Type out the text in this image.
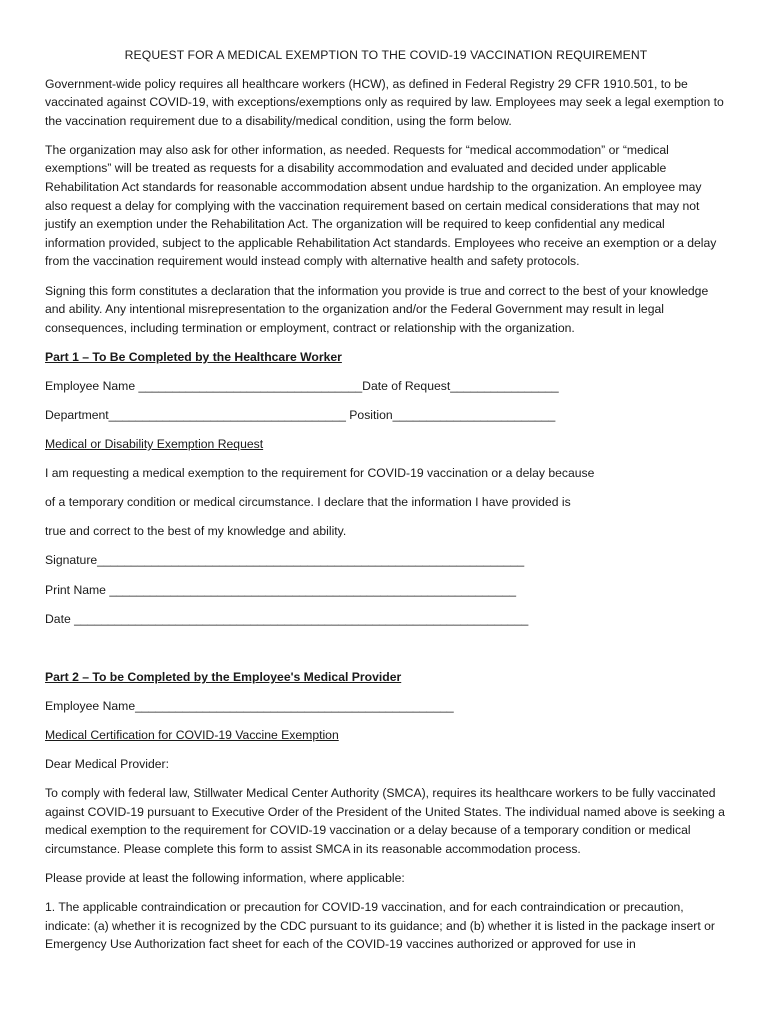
REQUEST FOR A MEDICAL EXEMPTION TO THE COVID-19 VACCINATION REQUIREMENT

Government-wide policy requires all healthcare workers (HCW), as defined in Federal Registry 29 CFR 1910.501, to be vaccinated against COVID-19, with exceptions/exemptions only as required by law. Employees may seek a legal exemption to the vaccination requirement due to a disability/medical condition, using the form below.

The organization may also ask for other information, as needed. Requests for “medical accommodation” or “medical exemptions” will be treated as requests for a disability accommodation and evaluated and decided under applicable Rehabilitation Act standards for reasonable accommodation absent undue hardship to the organization. An employee may also request a delay for complying with the vaccination requirement based on certain medical considerations that may not justify an exemption under the Rehabilitation Act. The organization will be required to keep confidential any medical information provided, subject to the applicable Rehabilitation Act standards. Employees who receive an exemption or a delay from the vaccination requirement would instead comply with alternative health and safety protocols.

Signing this form constitutes a declaration that the information you provide is true and correct to the best of your knowledge and ability. Any intentional misrepresentation to the organization and/or the Federal Government may result in legal consequences, including termination or employment, contract or relationship with the organization.

Part 1 – To Be Completed by the Healthcare Worker
Employee Name _________________________________Date of Request________________
Department___________________________________ Position________________________
Medical or Disability Exemption Request
I am requesting a medical exemption to the requirement for COVID-19 vaccination or a delay because
of a temporary condition or medical circumstance. I declare that the information I have provided is
true and correct to the best of my knowledge and ability.
Signature_______________________________________________________________
Print Name ____________________________________________________________
Date ___________________________________________________________________
Part 2 – To be Completed by the Employee's Medical Provider
Employee Name_______________________________________________
Medical Certification for COVID-19 Vaccine Exemption

Dear Medical Provider:

To comply with federal law, Stillwater Medical Center Authority (SMCA), requires its healthcare workers to be fully vaccinated against COVID-19 pursuant to Executive Order of the President of the United States. The individual named above is seeking a medical exemption to the requirement for COVID-19 vaccination or a delay because of a temporary condition or medical circumstance. Please complete this form to assist SMCA in its reasonable accommodation process.

Please provide at least the following information, where applicable:

1. The applicable contraindication or precaution for COVID-19 vaccination, and for each contraindication or precaution, indicate: (a) whether it is recognized by the CDC pursuant to its guidance; and (b) whether it is listed in the package insert or Emergency Use Authorization fact sheet for each of the COVID-19 vaccines authorized or approved for use in
